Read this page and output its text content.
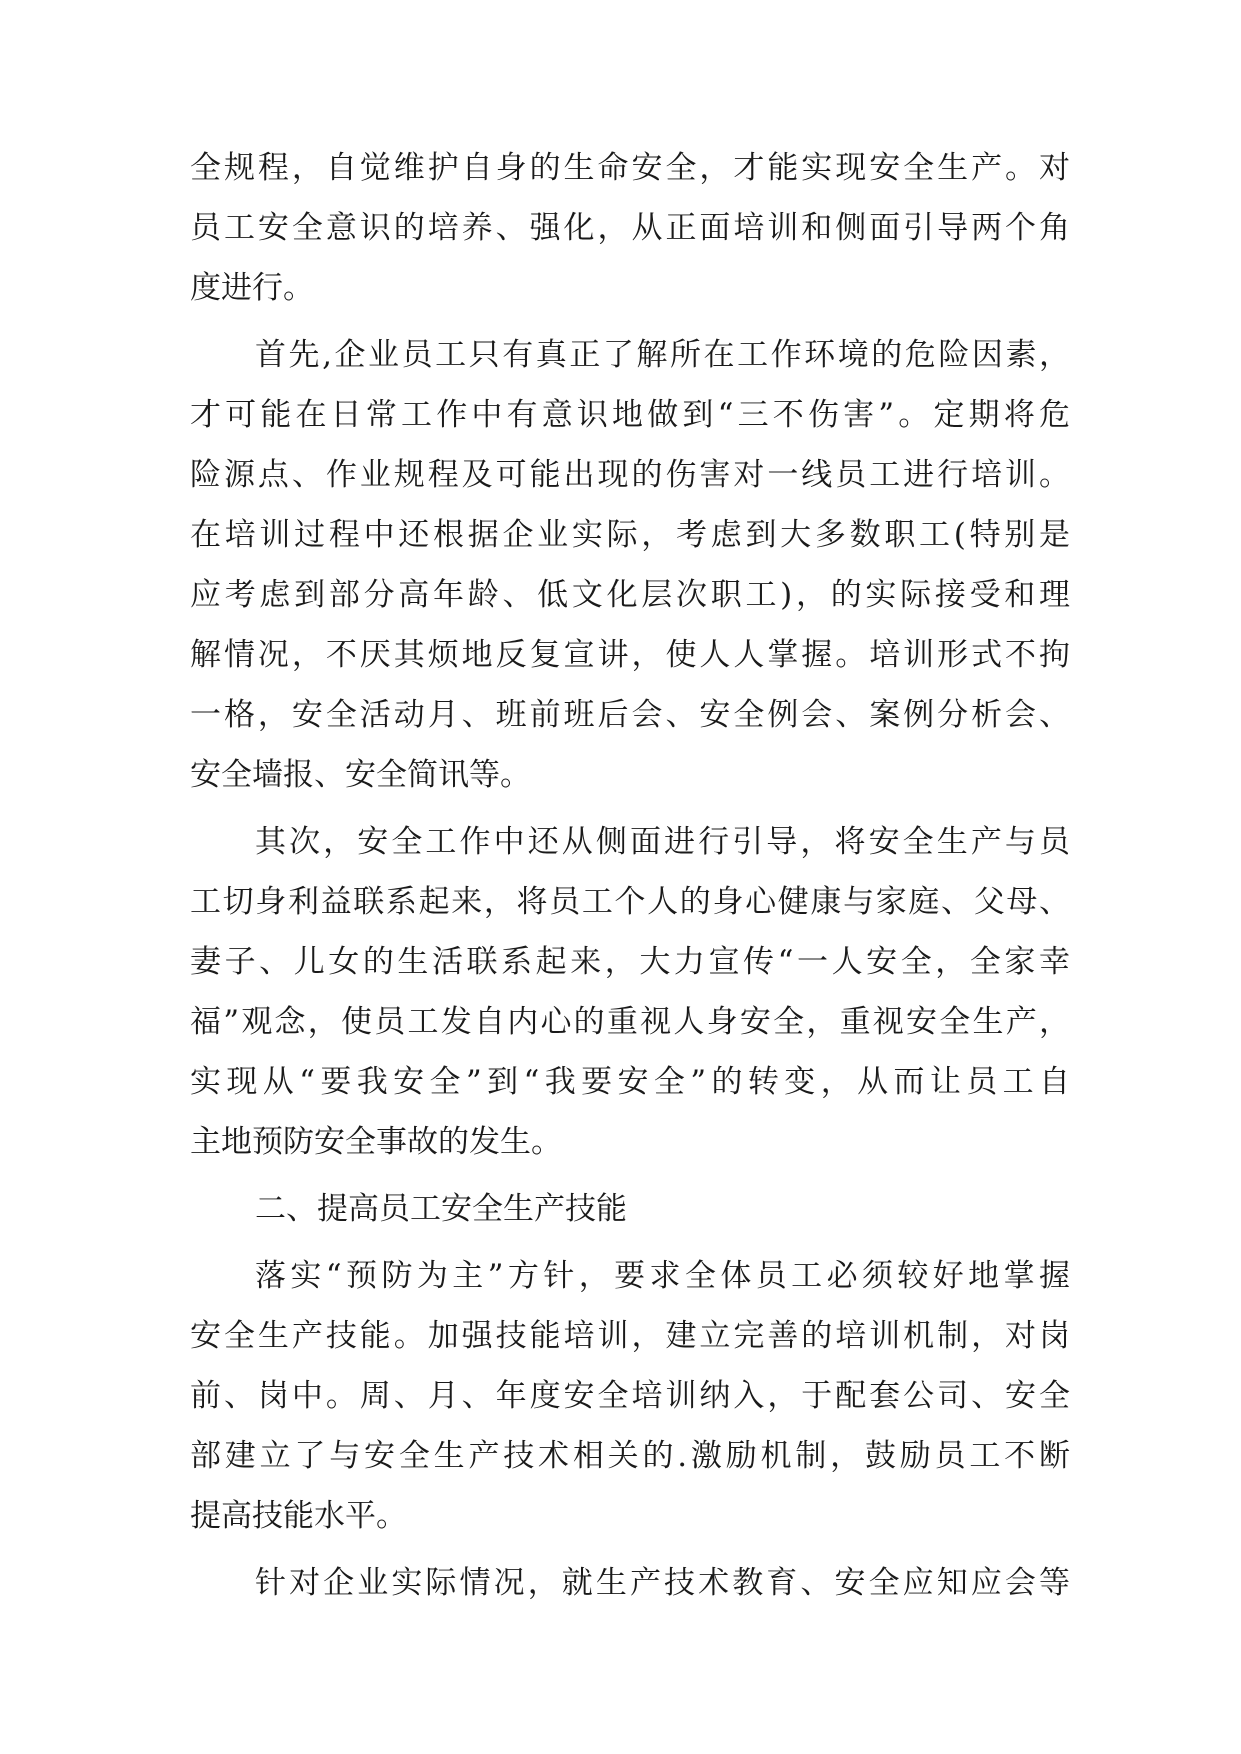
全规程，自觉维护自身的生命安全，才能实现安全生产。对

员工安全意识的培养、强化，从正面培训和侧面引导两个角

度进行。

首先,企业员工只有真正了解所在工作环境的危险因素，

才可能在日常工作中有意识地做到“三不伤害”。定期将危

险源点、作业规程及可能出现的伤害对一线员工进行培训。

在培训过程中还根据企业实际，考虑到大多数职工(特别是

应考虑到部分高年龄、低文化层次职工)，的实际接受和理

解情况，不厌其烦地反复宣讲，使人人掌握。培训形式不拘

一格，安全活动月、班前班后会、安全例会、案例分析会、

安全墙报、安全简讯等。

其次，安全工作中还从侧面进行引导，将安全生产与员

工切身利益联系起来，将员工个人的身心健康与家庭、父母、

妻子、儿女的生活联系起来，大力宣传“一人安全，全家幸

福”观念，使员工发自内心的重视人身安全，重视安全生产，

实现从“要我安全”到“我要安全”的转变，从而让员工自

主地预防安全事故的发生。

二、提高员工安全生产技能

落实“预防为主”方针，要求全体员工必须较好地掌握

安全生产技能。加强技能培训，建立完善的培训机制，对岗

前、岗中。周、月、年度安全培训纳入，于配套公司、安全

部建立了与安全生产技术相关的.激励机制，鼓励员工不断

提高技能水平。

针对企业实际情况，就生产技术教育、安全应知应会等
